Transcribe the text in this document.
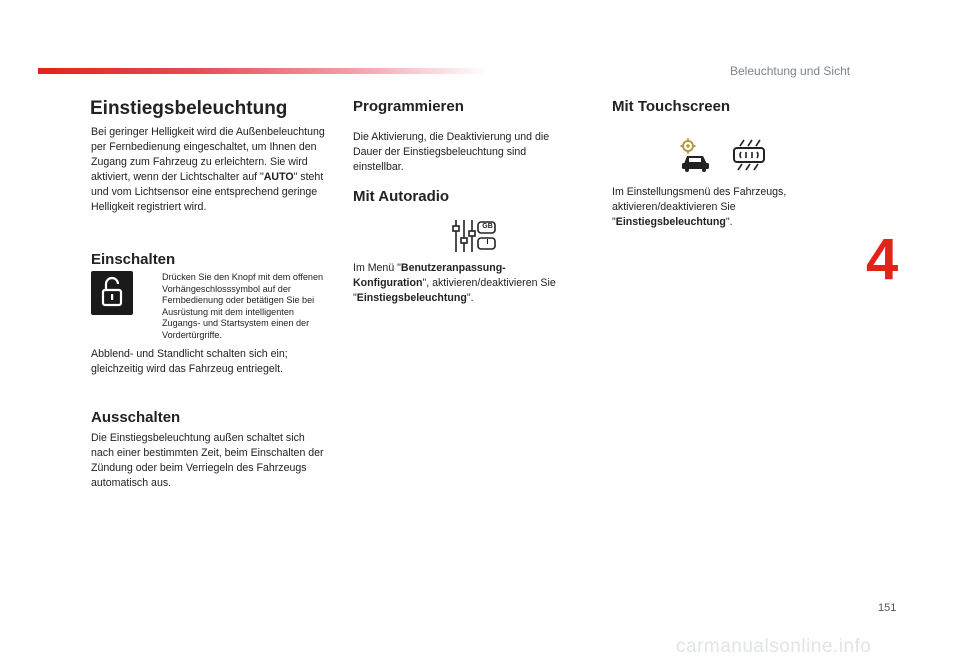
Beleuchtung und Sicht
Einstiegsbeleuchtung
Bei geringer Helligkeit wird die Außenbeleuchtung per Fernbedienung eingeschaltet, um Ihnen den Zugang zum Fahrzeug zu erleichtern. Sie wird aktiviert, wenn der Lichtschalter auf "AUTO" steht und vom Lichtsensor eine entsprechend geringe Helligkeit registriert wird.
Einschalten
Drücken Sie den Knopf mit dem offenen Vorhängeschlosssymbol auf der Fernbedienung oder betätigen Sie bei Ausrüstung mit dem intelligenten Zugangs- und Startsystem einen der Vordertürgriffe.
Abblend- und Standlicht schalten sich ein; gleichzeitig wird das Fahrzeug entriegelt.
Ausschalten
Die Einstiegsbeleuchtung außen schaltet sich nach einer bestimmten Zeit, beim Einschalten der Zündung oder beim Verriegeln des Fahrzeugs automatisch aus.
Programmieren
Die Aktivierung, die Deaktivierung und die Dauer der Einstiegsbeleuchtung sind einstellbar.
Mit Autoradio
GB
I
Im Menü "Benutzeranpassung-Konfiguration", aktivieren/deaktivieren Sie "Einstiegsbeleuchtung".
Mit Touchscreen
Im Einstellungsmenü des Fahrzeugs, aktivieren/deaktivieren Sie "Einstiegsbeleuchtung".
4
151
carmanualsonline.info
